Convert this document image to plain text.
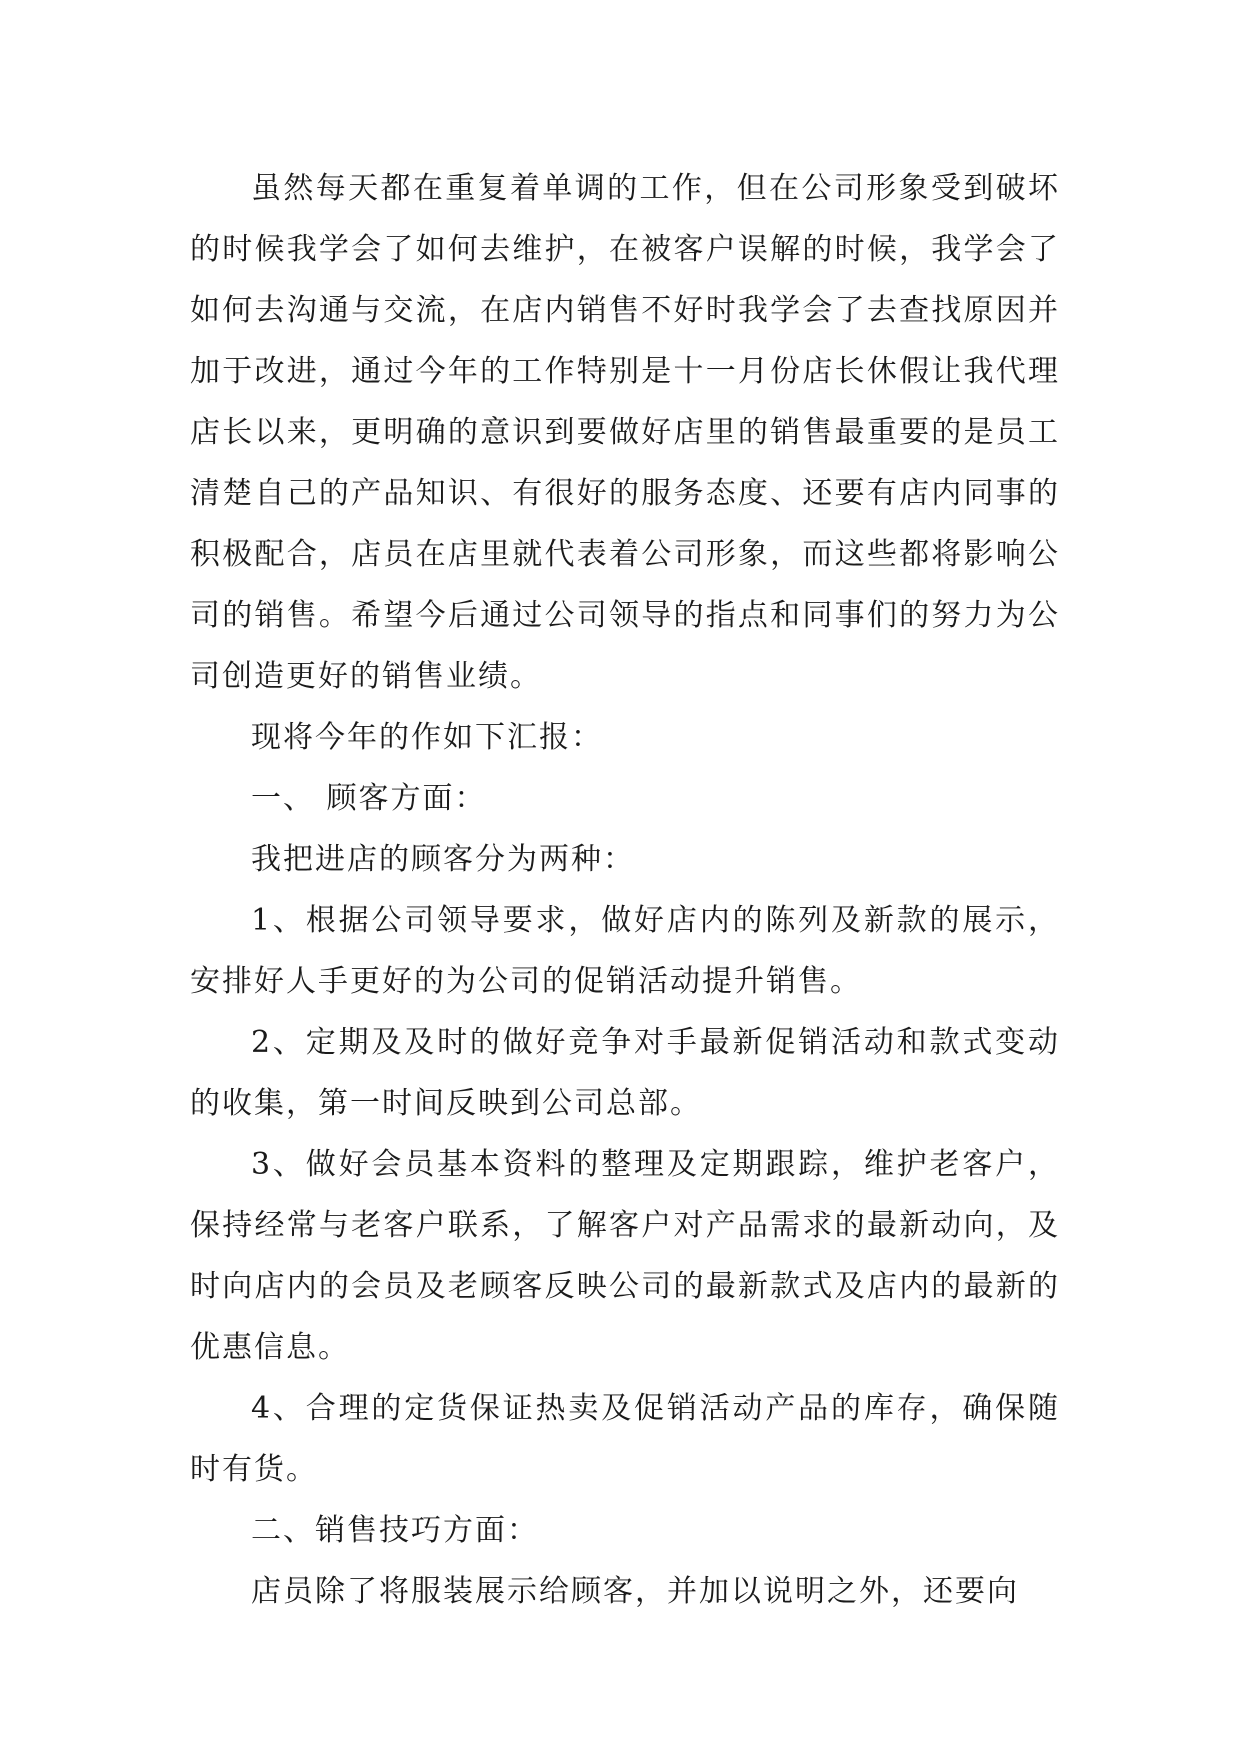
虽然每天都在重复着单调的工作，但在公司形象受到破坏的时候我学会了如何去维护，在被客户误解的时候，我学会了如何去沟通与交流，在店内销售不好时我学会了去查找原因并加于改进，通过今年的工作特别是十一月份店长休假让我代理店长以来，更明确的意识到要做好店里的销售最重要的是员工清楚自己的产品知识、有很好的服务态度、还要有店内同事的积极配合，店员在店里就代表着公司形象，而这些都将影响公司的销售。希望今后通过公司领导的指点和同事们的努力为公司创造更好的销售业绩。

现将今年的作如下汇报：

一、 顾客方面：

我把进店的顾客分为两种：

1、根据公司领导要求，做好店内的陈列及新款的展示，安排好人手更好的为公司的促销活动提升销售。

2、定期及及时的做好竞争对手最新促销活动和款式变动的收集，第一时间反映到公司总部。

3、做好会员基本资料的整理及定期跟踪，维护老客户，保持经常与老客户联系，了解客户对产品需求的最新动向，及时向店内的会员及老顾客反映公司的最新款式及店内的最新的优惠信息。

4、合理的定货保证热卖及促销活动产品的库存，确保随时有货。

二、销售技巧方面：

店员除了将服装展示给顾客，并加以说明之外，还要向
